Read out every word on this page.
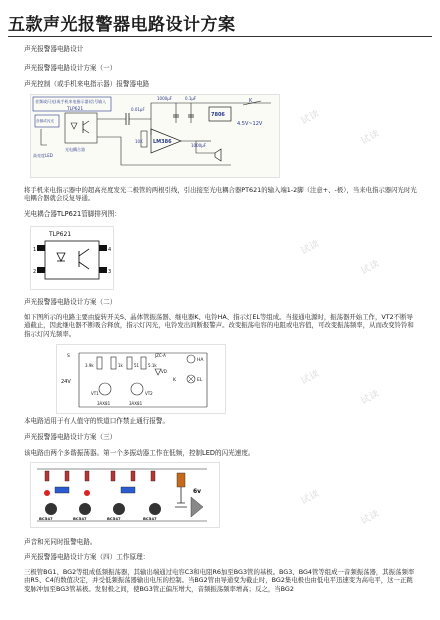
五款声光报警器电路设计方案
声光报警器电路设计
声光报警器电路设计方案（一）
声光控制（或手机来电指示器）报警器电路
音频或闪光(或手机来电指示器)信号输入
音频或闪光
TLP621
光电耦合器
高亮度LED
0.01μF
10K LM386
1000μF	0.1μF
7806
K
4.5V~12V
1000μF
将手机来电指示器中的超高亮度发光二极管的两根引线，引出接至光电耦合器PT621的输入端1-2脚（注意+、-极），当来电指示器闪光时光电耦合器就会反复导通。
光电耦合器TLP621管脚排列图：
TLP621
1
2
4
3
声光报警器电路设计方案（二）
如下图所示的电路主要由旋转开关S、晶体管振荡器、继电器K、电铃HA、指示灯EL等组成。当接通电源时，振荡器开始工作，VT2不断导通截止，因此继电器不断吸合释放，指示灯闪光，电铃发出间断报警声。改变振荡电容的电阻或电容值，可改变振荡频率，从而改变铃铃和指示灯闪光频率。
24V
S
3.9k	1k	51 5.1k
VT1
3AX81
VT2
3AX81
JZC-A
VD
HA
K	EL
本电路适用于有人值守的铁道口作禁止通行报警。
声光报警器电路设计方案（三）
该电路由两个多谐振荡器。第一个多振动器工作在低频，控制LED的闪光速度。
BC547	BC547	BC547	BC547
6v
声音和光同时报警电路。
声光报警器电路设计方案（四）工作原理：
三极管BG1、BG2等组成低频振荡器，其输出端通过电容C3和电阻R6加至BG3管的基极。BG3、BG4管等组成一音频振荡器，其振荡频率由R5、C4的数值决定，并受低频振荡器输出电压的控制。当BG2管由导通变为截止时，BG2集电极也由低电平迅速变为高电平，这一正跳变脉冲加至BG3管基极。发射极之间，使BG3管正偏压增大，音频振荡频率增高；反之，当BG2
试读
试读
试读
试读
试读
试读
试读
试读
